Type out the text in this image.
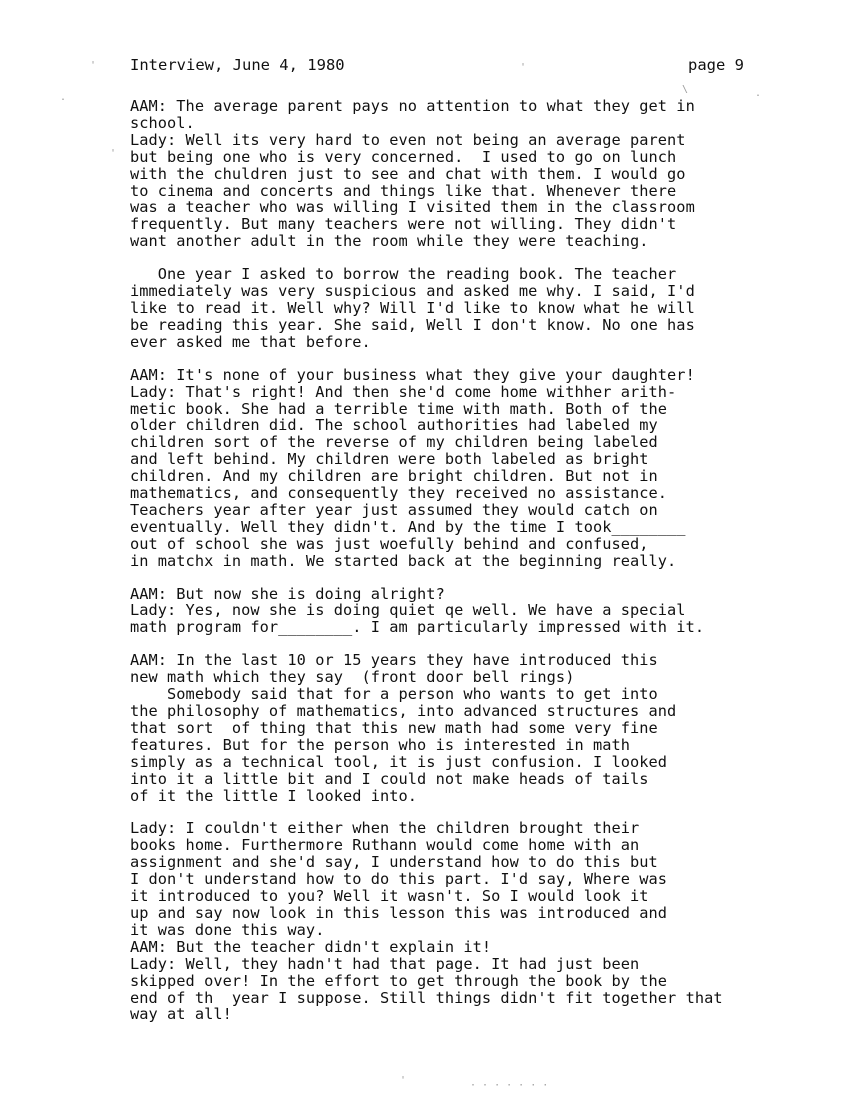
Interview, June 4, 1980	page 9
AAM: The average parent pays no attention to what they get in
school.
Lady: Well its very hard to even not being an average parent
but being one who is very concerned.  I used to go on lunch
with the chuldren just to see and chat with them. I would go
to cinema and concerts and things like that. Whenever there
was a teacher who was willing I visited them in the classroom
frequently. But many teachers were not willing. They didn't
want another adult in the room while they were teaching.
One year I asked to borrow the reading book. The teacher
immediately was very suspicious and asked me why. I said, I'd
like to read it. Well why? Will I'd like to know what he will
be reading this year. She said, Well I don't know. No one has
ever asked me that before.
AAM: It's none of your business what they give your daughter!
Lady: That's right! And then she'd come home withher arith-
metic book. She had a terrible time with math. Both of the
older children did. The school authorities had labeled my
children sort of the reverse of my children being labeled
and left behind. My children were both labeled as bright
children. And my children are bright children. But not in
mathematics, and consequently they received no assistance.
Teachers year after year just assumed they would catch on
eventually. Well they didn't. And by the time I took________
out of school she was just woefully behind and confused,
in matchx in math. We started back at the beginning really.
AAM: But now she is doing alright?
Lady: Yes, now she is doing quiet qe well. We have a special
math program for________. I am particularly impressed with it.
AAM: In the last 10 or 15 years they have introduced this
new math which they say  (front door bell rings)
Somebody said that for a person who wants to get into
the philosophy of mathematics, into advanced structures and
that sort  of thing that this new math had some very fine
features. But for the person who is interested in math
simply as a technical tool, it is just confusion. I looked
into it a little bit and I could not make heads of tails
of it the little I looked into.
Lady: I couldn't either when the children brought their
books home. Furthermore Ruthann would come home with an
assignment and she'd say, I understand how to do this but
I don't understand how to do this part. I'd say, Where was
it introduced to you? Well it wasn't. So I would look it
up and say now look in this lesson this was introduced and
it was done this way.
AAM: But the teacher didn't explain it!
Lady: Well, they hadn't had that page. It had just been
skipped over! In the effort to get through the book by the
end of th  year I suppose. Still things didn't fit together that
way at all!
'
.
'
\	.
'
· · · · · · ·
'
